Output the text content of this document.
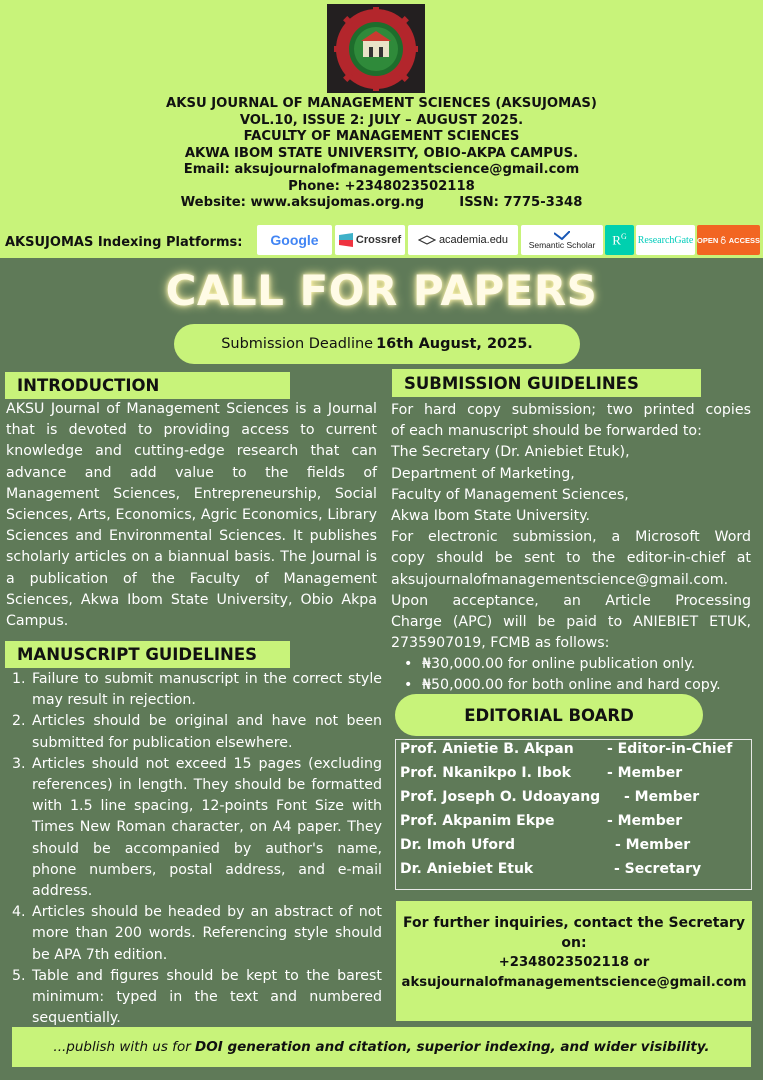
AKSU JOURNAL OF MANAGEMENT SCIENCES (AKSUJOMAS)
VOL.10, ISSUE 2: JULY – AUGUST 2025.
FACULTY OF MANAGEMENT SCIENCES
AKWA IBOM STATE UNIVERSITY, OBIO-AKPA CAMPUS.
Email: aksujournalofmanagementscience@gmail.com
Phone: +2348023502118
Website: www.aksujomas.org.ng	ISSN: 7775-3348
AKSUJOMAS Indexing Platforms: Google	Crossref	academia.edu Semantic Scholar $R^G$ ResearchGate OPEN ACCESS
CALL FOR PAPERS
Submission Deadline 16th August, 2025.
INTRODUCTION
AKSU Journal of Management Sciences is a Journal that is devoted to providing access to current knowledge and cutting-edge research that can advance and add value to the fields of Management Sciences, Entrepreneurship, Social Sciences, Arts, Economics, Agric Economics, Library Sciences and Environmental Sciences. It publishes scholarly articles on a biannual basis. The Journal is a publication of the Faculty of Management Sciences, Akwa Ibom State University, Obio Akpa Campus.
MANUSCRIPT GUIDELINES
1. Failure to submit manuscript in the correct style may result in rejection.
2. Articles should be original and have not been submitted for publication elsewhere.
3. Articles should not exceed 15 pages (excluding references) in length. They should be formatted with 1.5 line spacing, 12-points Font Size with Times New Roman character, on A4 paper. They should be accompanied by author's name, phone numbers, postal address, and e-mail address.
4. Articles should be headed by an abstract of not more than 200 words. Referencing style should be APA 7th edition.
5. Table and figures should be kept to the barest minimum: typed in the text and numbered sequentially.
SUBMISSION GUIDELINES
For hard copy submission; two printed copies
of each manuscript should be forwarded to:
The Secretary (Dr. Aniebiet Etuk),
Department of Marketing,
Faculty of Management Sciences,
Akwa Ibom State University.
For electronic submission, a Microsoft Word
copy should be sent to the editor-in-chief at
aksujournalofmanagementscience@gmail.com.
Upon acceptance, an Article Processing
Charge (APC) will be paid to ANIEBIET ETUK,
2735907019, FCMB as follows:
• ₦30,000.00 for online publication only.
• ₦50,000.00 for both online and hard copy.
EDITORIAL BOARD
Prof. Anietie B. Akpan - Editor-in-Chief
Prof. Nkanikpo I. Ibok	- Member
Prof. Joseph O. Udoayang - Member
Prof. Akpanim Ekpe	- Member
Dr. Imoh Uford	- Member
Dr. Aniebiet Etuk	- Secretary
For further inquiries, contact the Secretary on:
+2348023502118 or
aksujournalofmanagementscience@gmail.com
...publish with us for DOI generation and citation, superior indexing, and wider visibility.
